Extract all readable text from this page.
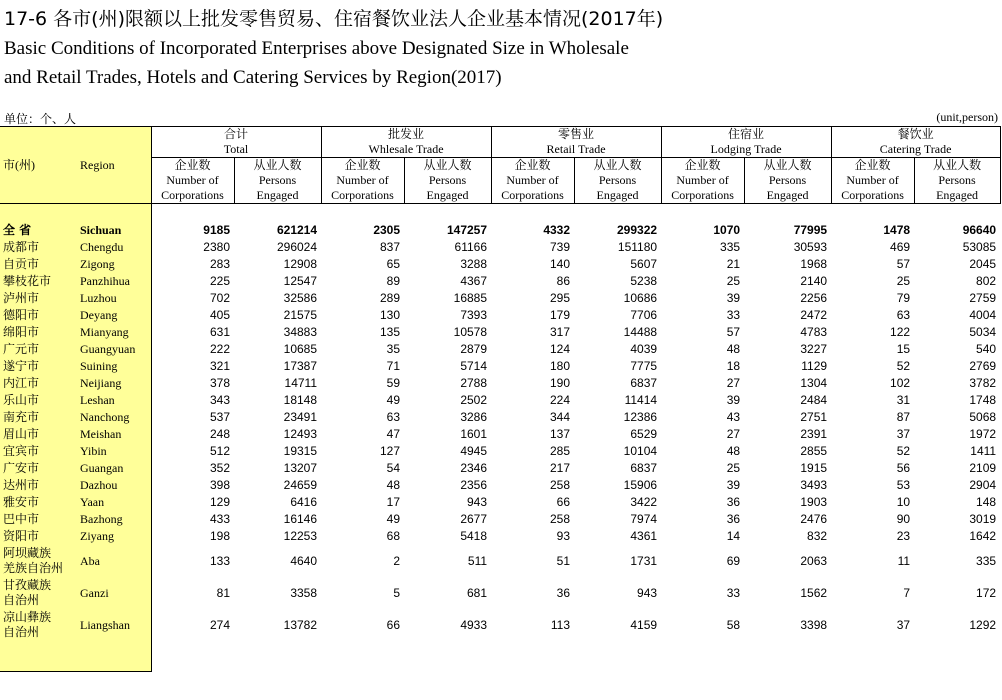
17-6 各市(州)限额以上批发零售贸易、住宿餐饮业法人企业基本情况(2017年)
Basic Conditions of Incorporated Enterprises above Designated Size in Wholesale
and Retail Trades, Hotels and Catering Services by Region(2017)
单位：个、人	(unit,person)
		合计		批发业		零售业		住宿业		餐饮业	
		Total		Whlesale Trade		Retail Trade		Lodging Trade		Catering Trade	
市(州)	Region	企业数	从业人数	企业数	从业人数	企业数	从业人数	企业数	从业人数	企业数	从业人数
		Number of	Persons	Number of	Persons	Number of	Persons	Number of	Persons	Number of	Persons
		Corporations	Engaged	Corporations	Engaged	Corporations	Engaged	Corporations	Engaged	Corporations	Engaged

全 省	Sichuan	9185	621214	2305	147257	4332	299322	1070	77995	1478	96640
成都市	Chengdu	2380	296024	837	61166	739	151180	335	30593	469	53085
自贡市	Zigong	283	12908	65	3288	140	5607	21	1968	57	2045
攀枝花市	Panzhihua	225	12547	89	4367	86	5238	25	2140	25	802
泸州市	Luzhou	702	32586	289	16885	295	10686	39	2256	79	2759
德阳市	Deyang	405	21575	130	7393	179	7706	33	2472	63	4004
绵阳市	Mianyang	631	34883	135	10578	317	14488	57	4783	122	5034
广元市	Guangyuan	222	10685	35	2879	124	4039	48	3227	15	540
遂宁市	Suining	321	17387	71	5714	180	7775	18	1129	52	2769
内江市	Neijiang	378	14711	59	2788	190	6837	27	1304	102	3782
乐山市	Leshan	343	18148	49	2502	224	11414	39	2484	31	1748
南充市	Nanchong	537	23491	63	3286	344	12386	43	2751	87	5068
眉山市	Meishan	248	12493	47	1601	137	6529	27	2391	37	1972
宜宾市	Yibin	512	19315	127	4945	285	10104	48	2855	52	1411
广安市	Guangan	352	13207	54	2346	217	6837	25	1915	56	2109
达州市	Dazhou	398	24659	48	2356	258	15906	39	3493	53	2904
雅安市	Yaan	129	6416	17	943	66	3422	36	1903	10	148
巴中市	Bazhong	433	16146	49	2677	258	7974	36	2476	90	3019
资阳市	Ziyang	198	12253	68	5418	93	4361	14	832	23	1642

阿坝藏族
羌族自治州	Aba	133	4640	2	511	51	1731	69	2063	11	335

甘孜藏族
自治州	Ganzi	81	3358	5	681	36	943	33	1562	7	172

凉山彝族
自治州	Liangshan	274	13782	66	4933	113	4159	58	3398	37	1292
